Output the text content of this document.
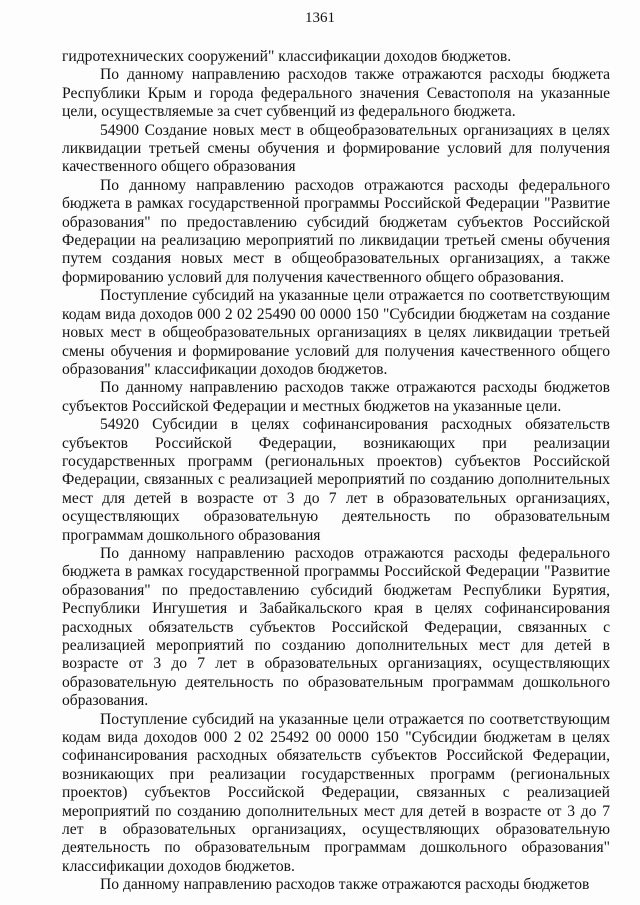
1361

гидротехнических сооружений" классификации доходов бюджетов.

По данному направлению расходов также отражаются расходы бюджета Республики Крым и города федерального значения Севастополя на указанные цели, осуществляемые за счет субвенций из федерального бюджета.

54900 Создание новых мест в общеобразовательных организациях в целях ликвидации третьей смены обучения и формирование условий для получения качественного общего образования

По данному направлению расходов отражаются расходы федерального бюджета в рамках государственной программы Российской Федерации "Развитие образования" по предоставлению субсидий бюджетам субъектов Российской Федерации на реализацию мероприятий по ликвидации третьей смены обучения путем создания новых мест в общеобразовательных организациях, а также формированию условий для получения качественного общего образования.

Поступление субсидий на указанные цели отражается по соответствующим кодам вида доходов 000 2 02 25490 00 0000 150 "Субсидии бюджетам на создание новых мест в общеобразовательных организациях в целях ликвидации третьей смены обучения и формирование условий для получения качественного общего образования" классификации доходов бюджетов.

По данному направлению расходов также отражаются расходы бюджетов субъектов Российской Федерации и местных бюджетов на указанные цели.

54920 Субсидии в целях софинансирования расходных обязательств субъектов Российской Федерации, возникающих при реализации государственных программ (региональных проектов) субъектов Российской Федерации, связанных с реализацией мероприятий по созданию дополнительных мест для детей в возрасте от 3 до 7 лет в образовательных организациях, осуществляющих образовательную деятельность по образовательным программам дошкольного образования

По данному направлению расходов отражаются расходы федерального бюджета в рамках государственной программы Российской Федерации "Развитие образования" по предоставлению субсидий бюджетам Республики Бурятия, Республики Ингушетия и Забайкальского края в целях софинансирования расходных обязательств субъектов Российской Федерации, связанных с реализацией мероприятий по созданию дополнительных мест для детей в возрасте от 3 до 7 лет в образовательных организациях, осуществляющих образовательную деятельность по образовательным программам дошкольного образования.

Поступление субсидий на указанные цели отражается по соответствующим кодам вида доходов 000 2 02 25492 00 0000 150 "Субсидии бюджетам в целях софинансирования расходных обязательств субъектов Российской Федерации, возникающих при реализации государственных программ (региональных проектов) субъектов Российской Федерации, связанных с реализацией мероприятий по созданию дополнительных мест для детей в возрасте от 3 до 7 лет в образовательных организациях, осуществляющих образовательную деятельность по образовательным программам дошкольного образования" классификации доходов бюджетов.

По данному направлению расходов также отражаются расходы бюджетов
